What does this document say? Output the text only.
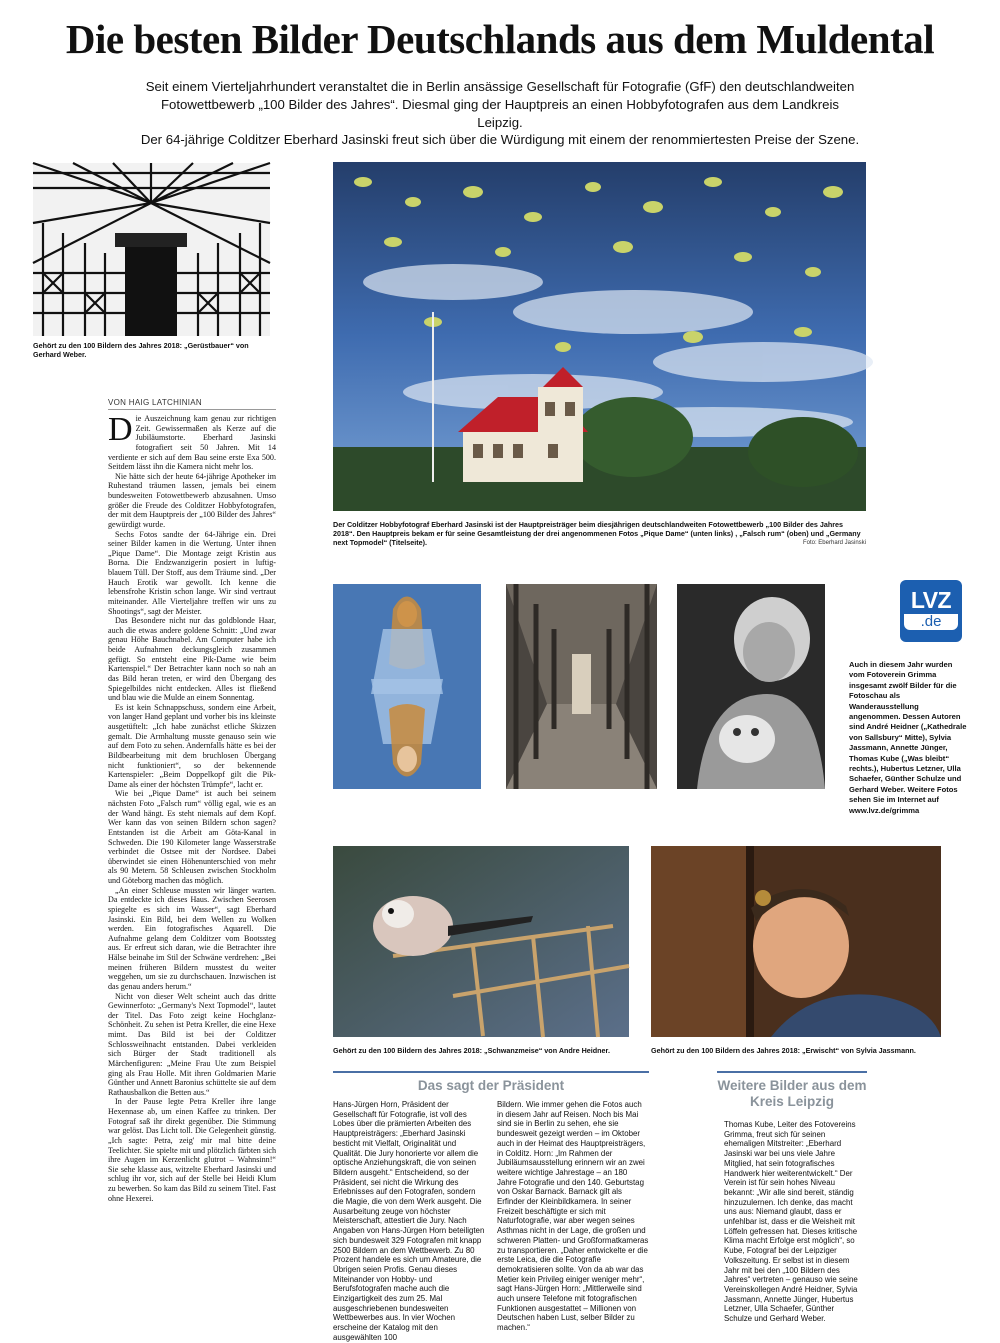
Die besten Bilder Deutschlands aus dem Muldental

Seit einem Vierteljahrhundert veranstaltet die in Berlin ansässige Gesellschaft für Fotografie (GfF) den deutschlandweiten

Fotowettbewerb „100 Bilder des Jahres“. Diesmal ging der Hauptpreis an einen Hobbyfotografen aus dem Landkreis Leipzig.

Der 64-jährige Colditzer Eberhard Jasinski freut sich über die Würdigung mit einem der renommiertesten Preise der Szene.

Gehört zu den 100 Bildern des Jahres 2018: „Gerüstbauer“ von Gerhard Weber.
Der Colditzer Hobbyfotograf Eberhard Jasinski ist der Hauptpreisträger beim diesjährigen deutschlandweiten Fotowettbewerb „100 Bilder des Jahres 2018“. Den Hauptpreis bekam er für seine Gesamtleistung der drei angenommenen Fotos „Pique Dame“ (unten links) , „Falsch rum“ (oben) und „Germany next Topmodel“ (Titelseite).	Foto: Eberhard Jasinski
LVZ
.de
Auch in diesem Jahr wurden vom Fotoverein Grimma insgesamt zwölf Bilder für die Fotoschau als Wanderausstellung angenommen. Dessen Autoren sind André Heidner („Kathedrale von Sallsbury“ Mitte), Sylvia Jassmann, Annette Jünger, Thomas Kube („Was bleibt“ rechts.), Hubertus Letzner, Ulla Schaefer, Günther Schulze und Gerhard Weber. Weitere Fotos sehen Sie im Internet auf www.lvz.de/grimma
Gehört zu den 100 Bildern des Jahres 2018: „Schwanzmeise“ von Andre Heidner.	Gehört zu den 100 Bildern des Jahres 2018: „Erwischt“ von Sylvia Jassmann.
VON HAIG LATCHINIAN

Die Auszeichnung kam genau zur richtigen Zeit. Gewissermaßen als Kerze auf die Jubiläumstorte. Eberhard Jasinski fotografiert seit 50 Jahren. Mit 14 verdiente er sich auf dem Bau seine erste Exa 500. Seitdem lässt ihn die Kamera nicht mehr los.

Nie hätte sich der heute 64-jährige Apotheker im Ruhestand träumen lassen, jemals bei einem bundesweiten Fotowettbewerb abzusahnen. Umso größer die Freude des Colditzer Hobbyfotografen, der mit dem Hauptpreis der „100 Bilder des Jahres“ gewürdigt wurde.

Sechs Fotos sandte der 64-Jährige ein. Drei seiner Bilder kamen in die Wertung. Unter ihnen „Pique Dame“. Die Montage zeigt Kristin aus Borna. Die Endzwanzigerin posiert in luftig-blauem Tüll. Der Stoff, aus dem Träume sind. „Der Hauch Erotik war gewollt. Ich kenne die lebensfrohe Kristin schon lange. Wir sind vertraut miteinander. Alle Vierteljahre treffen wir uns zu Shootings“, sagt der Meister.

Das Besondere nicht nur das goldblonde Haar, auch die etwas andere goldene Schnitt: „Und zwar genau Höhe Bauchnabel. Am Computer habe ich beide Aufnahmen deckungsgleich zusammen gefügt. So entsteht eine Pik-Dame wie beim Kartenspiel.“ Der Betrachter kann noch so nah an das Bild heran treten, er wird den Übergang des Spiegelbildes nicht entdecken. Alles ist fließend und blau wie die Mulde an einem Sonnentag.

Es ist kein Schnappschuss, sondern eine Arbeit, von langer Hand geplant und vorher bis ins kleinste ausgetüftelt: „Ich habe zunächst etliche Skizzen gemalt. Die Armhaltung musste genauso sein wie auf dem Foto zu sehen. Andernfalls hätte es bei der Bildbearbeitung mit dem bruchlosen Übergang nicht funktioniert“, so der bekennende Kartenspieler: „Beim Doppelkopf gilt die Pik-Dame als einer der höchsten Trümpfe“, lacht er.

Wie bei „Pique Dame“ ist auch bei seinem nächsten Foto „Falsch rum“ völlig egal, wie es an der Wand hängt. Es steht niemals auf dem Kopf. Wer kann das von seinen Bildern schon sagen? Entstanden ist die Arbeit am Göta-Kanal in Schweden. Die 190 Kilometer lange Wasserstraße verbindet die Ostsee mit der Nordsee. Dabei überwindet sie einen Höhenunterschied von mehr als 90 Metern. 58 Schleusen zwischen Stockholm und Göteborg machen das möglich.

„An einer Schleuse mussten wir länger warten. Da entdeckte ich dieses Haus. Zwischen Seerosen spiegelte es sich im Wasser“, sagt Eberhard Jasinski. Ein Bild, bei dem Wellen zu Wolken werden. Ein fotografisches Aquarell. Die Aufnahme gelang dem Colditzer vom Bootssteg aus. Er erfreut sich daran, wie die Betrachter ihre Hälse beinahe im Stil der Schwäne verdrehen: „Bei meinen früheren Bildern musstest du weiter weggehen, um sie zu durchschauen. Inzwischen ist das genau anders herum.“

Nicht von dieser Welt scheint auch das dritte Gewinnerfoto: „Germany's Next Topmodel“, lautet der Titel. Das Foto zeigt keine Hochglanz-Schönheit. Zu sehen ist Petra Kreller, die eine Hexe mimt. Das Bild ist bei der Colditzer Schlossweihnacht entstanden. Dabei verkleiden sich Bürger der Stadt traditionell als Märchenfiguren: „Meine Frau Ute zum Beispiel ging als Frau Holle. Mit ihren Goldmarien Marie Günther und Annett Baronius schüttelte sie auf dem Rathausbalkon die Betten aus.“

In der Pause legte Petra Kreller ihre lange Hexennase ab, um einen Kaffee zu trinken. Der Fotograf saß ihr direkt gegenüber. Die Stimmung war gelöst. Das Licht toll. Die Gelegenheit günstig. „Ich sagte: Petra, zeig' mir mal bitte deine Teelichter. Sie spielte mit und plötzlich färbten sich ihre Augen im Kerzenlicht glutrot – Wahnsinn!“ Sie sehe klasse aus, witzelte Eberhard Jasinski und schlug ihr vor, sich auf der Stelle bei Heidi Klum zu bewerben. So kam das Bild zu seinem Titel. Fast ohne Hexerei.

Das sagt der Präsident
Hans-Jürgen Horn, Präsident der Gesellschaft für Fotografie, ist voll des Lobes über die prämierten Arbeiten des Hauptpreisträgers: „Eberhard Jasinski besticht mit Vielfalt, Originalität und Qualität. Die Jury honorierte vor allem die optische Anziehungskraft, die von seinen Bildern ausgeht.“ Entscheidend, so der Präsident, sei nicht die Wirkung des Erlebnisses auf den Fotografen, sondern die Magie, die von dem Werk ausgeht. Die Ausarbeitung zeuge von höchster Meisterschaft, attestiert die Jury. Nach Angaben von Hans-Jürgen Horn beteiligten sich bundesweit 329 Fotografen mit knapp 2500 Bildern an dem Wettbewerb. Zu 80 Prozent handele es sich um Amateure, die Übrigen seien Profis. Genau dieses Miteinander von Hobby- und Berufsfotografen mache auch die Einzigartigkeit des zum 25. Mal ausgeschriebenen bundesweiten Wettbewerbes aus. In vier Wochen erscheine der Katalog mit den ausgewählten 100
Bildern. Wie immer gehen die Fotos auch in diesem Jahr auf Reisen. Noch bis Mai sind sie in Berlin zu sehen, ehe sie bundesweit gezeigt werden – im Oktober auch in der Heimat des Hauptpreisträgers, in Colditz. Horn: „Im Rahmen der Jubiläumsausstellung erinnern wir an zwei weitere wichtige Jahrestage – an 180 Jahre Fotografie und den 140. Geburtstag von Oskar Barnack. Barnack gilt als Erfinder der Kleinbildkamera. In seiner Freizeit beschäftigte er sich mit Naturfotografie, war aber wegen seines Asthmas nicht in der Lage, die großen und schweren Platten- und Großformatkameras zu transportieren. „Daher entwickelte er die erste Leica, die die Fotografie demokratisieren sollte. Von da ab war das Metier kein Privileg einiger weniger mehr“, sagt Hans-Jürgen Horn: „Mittlerweile sind auch unsere Telefone mit fotografischen Funktionen ausgestattet – Millionen von Deutschen haben Lust, selber Bilder zu machen.“
Weitere Bilder aus dem Kreis Leipzig
Thomas Kube, Leiter des Fotovereins Grimma, freut sich für seinen ehemaligen Mitstreiter: „Eberhard Jasinski war bei uns viele Jahre Mitglied, hat sein fotografisches Handwerk hier weiterentwickelt.“ Der Verein ist für sein hohes Niveau bekannt: „Wir alle sind bereit, ständig hinzuzulernen. Ich denke, das macht uns aus: Niemand glaubt, dass er unfehlbar ist, dass er die Weisheit mit Löffeln gefressen hat. Dieses kritische Klima macht Erfolge erst möglich“, so Kube, Fotograf bei der Leipziger Volkszeitung. Er selbst ist in diesem Jahr mit bei den „100 Bildern des Jahres“ vertreten – genauso wie seine Vereinskollegen André Heidner, Sylvia Jassmann, Annette Jünger, Hubertus Letzner, Ulla Schaefer, Günther Schulze und Gerhard Weber.
